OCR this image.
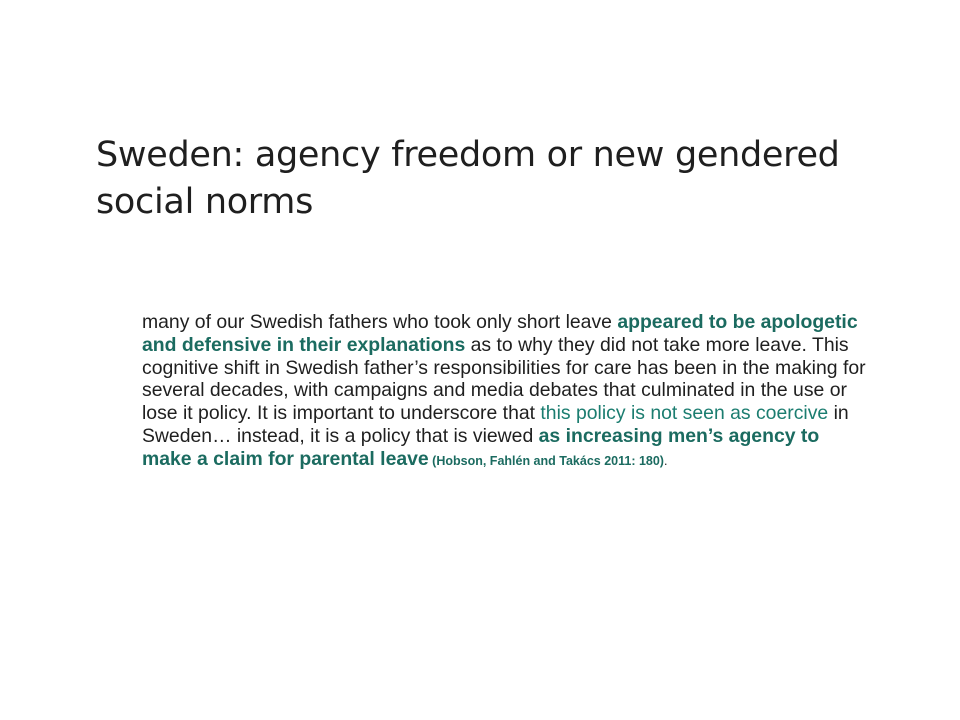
Sweden: agency freedom or new gendered social norms

many of our Swedish fathers who took only short leave appeared to be apologetic and defensive in their explanations as to why they did not take more leave. This cognitive shift in Swedish father’s responsibilities for care has been in the making for several decades, with campaigns and media debates that culminated in the use or lose it policy. It is important to underscore that this policy is not seen as coercive in Sweden… instead, it is a policy that is viewed as increasing men’s agency to make a claim for parental leave (Hobson, Fahlén and Takács 2011: 180).
